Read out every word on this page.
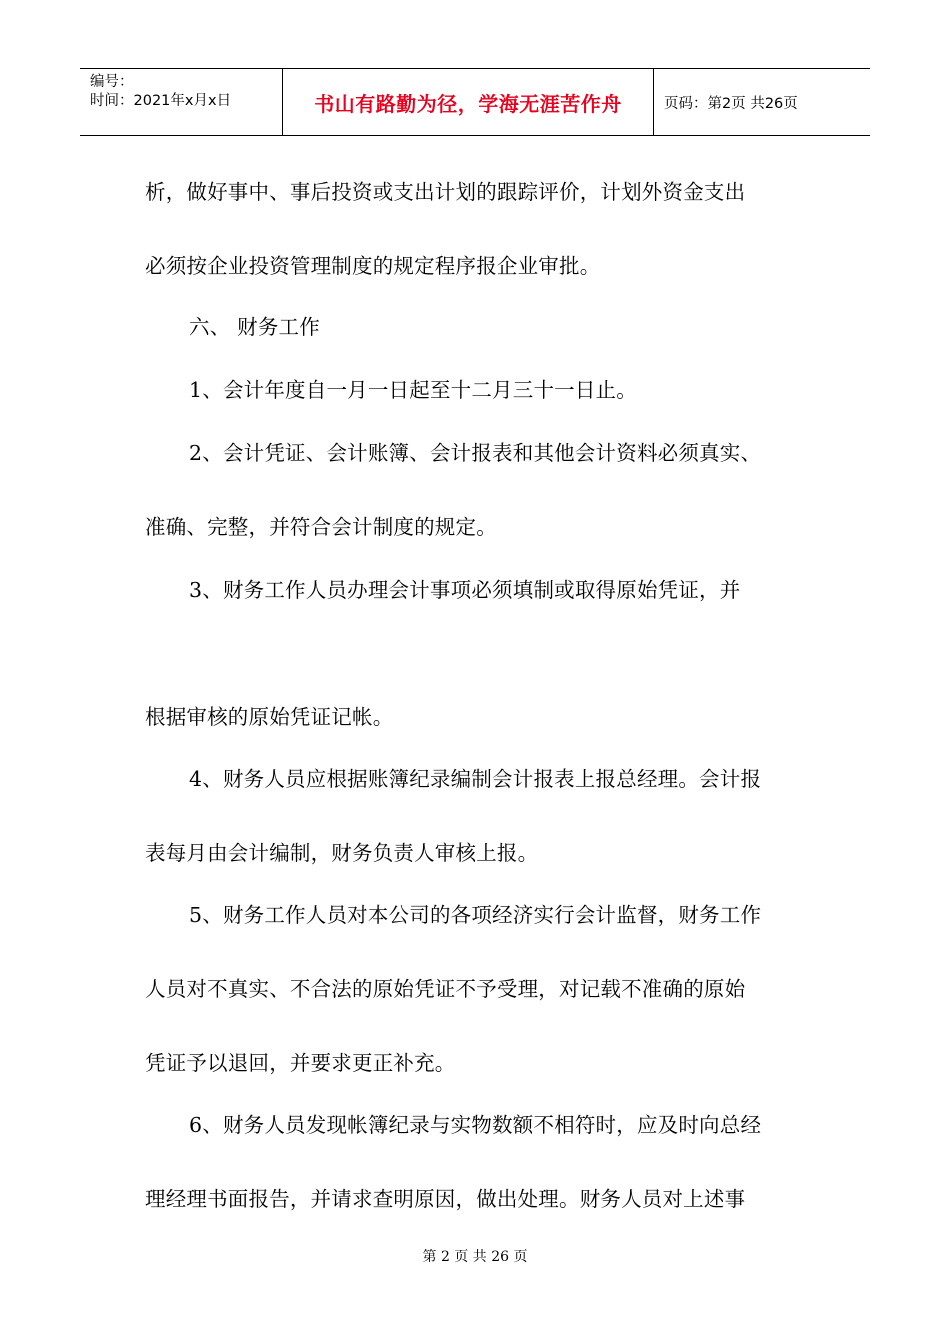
编号：
时间：2021年x月x日	书山有路勤为径，学海无涯苦作舟	页码：第2页 共26页
析，做好事中、事后投资或支出计划的跟踪评价，计划外资金支出
必须按企业投资管理制度的规定程序报企业审批。
六、 财务工作
1、会计年度自一月一日起至十二月三十一日止。
2、会计凭证、会计账簿、会计报表和其他会计资料必须真实、
准确、完整，并符合会计制度的规定。
3、财务工作人员办理会计事项必须填制或取得原始凭证，并
根据审核的原始凭证记帐。
4、财务人员应根据账簿纪录编制会计报表上报总经理。会计报
表每月由会计编制，财务负责人审核上报。
5、财务工作人员对本公司的各项经济实行会计监督，财务工作
人员对不真实、不合法的原始凭证不予受理，对记载不准确的原始
凭证予以退回，并要求更正补充。
6、财务人员发现帐簿纪录与实物数额不相符时，应及时向总经
理经理书面报告，并请求查明原因，做出处理。财务人员对上述事
第 2 页 共 26 页
